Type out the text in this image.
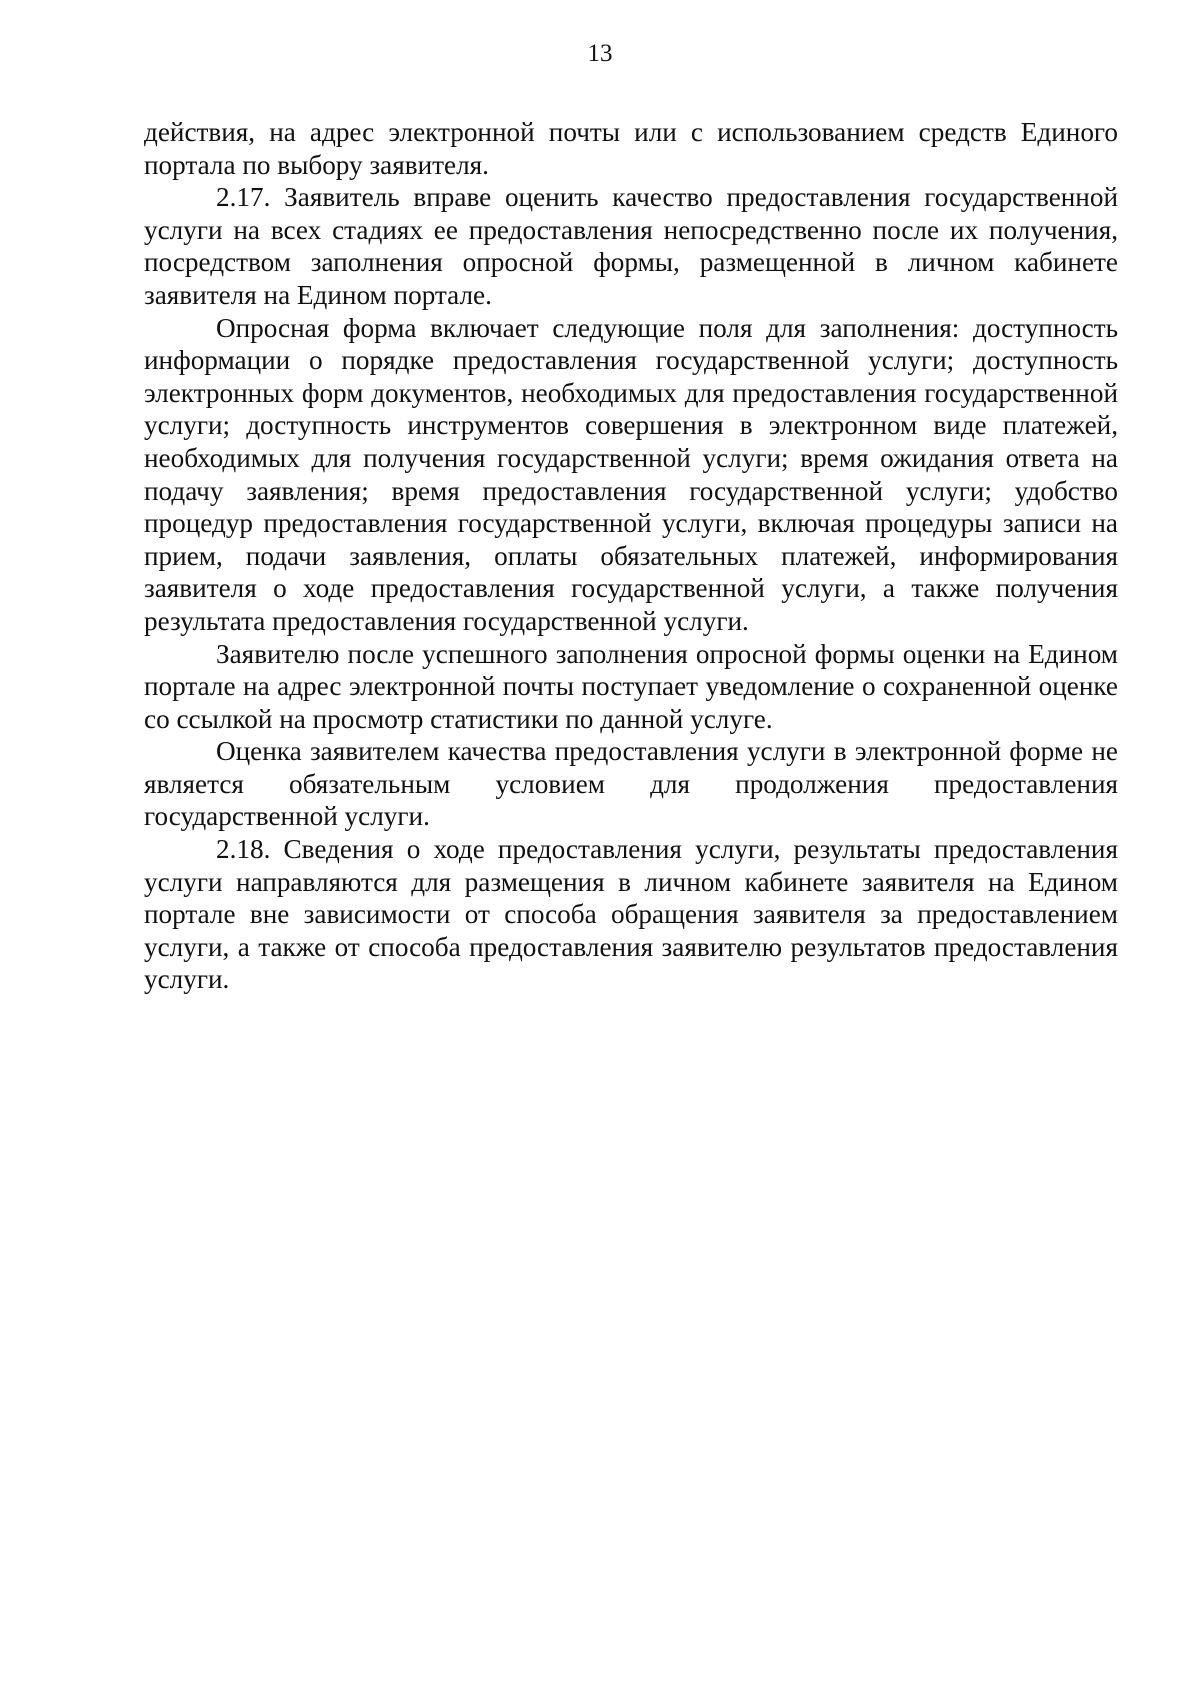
13

действия, на адрес электронной почты или с использованием средств Единого портала по выбору заявителя.

2.17. Заявитель вправе оценить качество предоставления государственной услуги на всех стадиях ее предоставления непосредственно после их получения, посредством заполнения опросной формы, размещенной в личном кабинете заявителя на Едином портале.

Опросная форма включает следующие поля для заполнения: доступность информации о порядке предоставления государственной услуги; доступность электронных форм документов, необходимых для предоставления государственной услуги; доступность инструментов совершения в электронном виде платежей, необходимых для получения государственной услуги; время ожидания ответа на подачу заявления; время предоставления государственной услуги; удобство процедур предоставления государственной услуги, включая процедуры записи на прием, подачи заявления, оплаты обязательных платежей, информирования заявителя о ходе предоставления государственной услуги, а также получения результата предоставления государственной услуги.

Заявителю после успешного заполнения опросной формы оценки на Едином портале на адрес электронной почты поступает уведомление о сохраненной оценке со ссылкой на просмотр статистики по данной услуге.

Оценка заявителем качества предоставления услуги в электронной форме не является обязательным условием для продолжения предоставления государственной услуги.

2.18. Сведения о ходе предоставления услуги, результаты предоставления услуги направляются для размещения в личном кабинете заявителя на Едином портале вне зависимости от способа обращения заявителя за предоставлением услуги, а также от способа предоставления заявителю результатов предоставления услуги.
